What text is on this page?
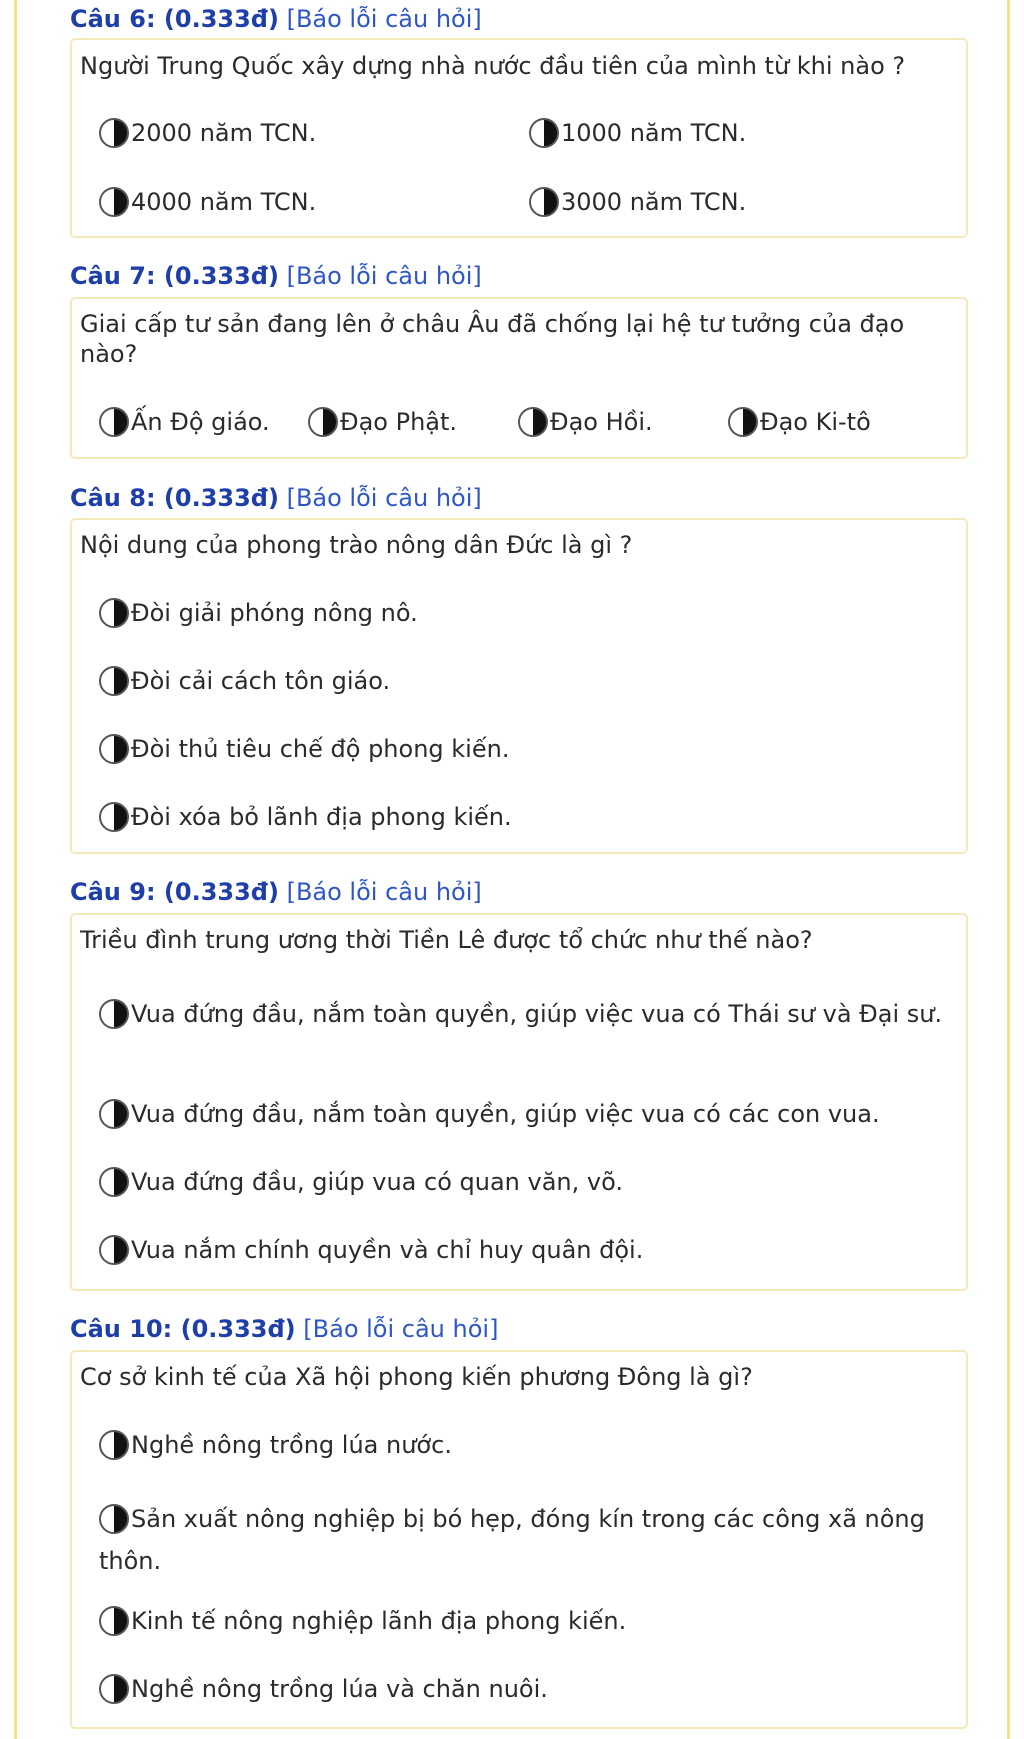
Câu 6: (0.333đ) [Báo lỗi câu hỏi]
Người Trung Quốc xây dựng nhà nước đầu tiên của mình từ khi nào ?
2000 năm TCN.	1000 năm TCN.
4000 năm TCN.	3000 năm TCN.
Câu 7: (0.333đ) [Báo lỗi câu hỏi]
Giai cấp tư sản đang lên ở châu Âu đã chống lại hệ tư tưởng của đạo nào?
Ấn Độ giáo.	Đạo Phật.	Đạo Hồi.	Đạo Ki-tô
Câu 8: (0.333đ) [Báo lỗi câu hỏi]
Nội dung của phong trào nông dân Đức là gì ?
Đòi giải phóng nông nô.
Đòi cải cách tôn giáo.
Đòi thủ tiêu chế độ phong kiến.
Đòi xóa bỏ lãnh địa phong kiến.
Câu 9: (0.333đ) [Báo lỗi câu hỏi]
Triều đình trung ương thời Tiền Lê được tổ chức như thế nào?
Vua đứng đầu, nắm toàn quyền, giúp việc vua có Thái sư và Đại sư.
Vua đứng đầu, nắm toàn quyền, giúp việc vua có các con vua.
Vua đứng đầu, giúp vua có quan văn, võ.
Vua nắm chính quyền và chỉ huy quân đội.
Câu 10: (0.333đ) [Báo lỗi câu hỏi]
Cơ sở kinh tế của Xã hội phong kiến phương Đông là gì?
Nghề nông trồng lúa nước.
Sản xuất nông nghiệp bị bó hẹp, đóng kín trong các công xã nông thôn.
Kinh tế nông nghiệp lãnh địa phong kiến.
Nghề nông trồng lúa và chăn nuôi.
